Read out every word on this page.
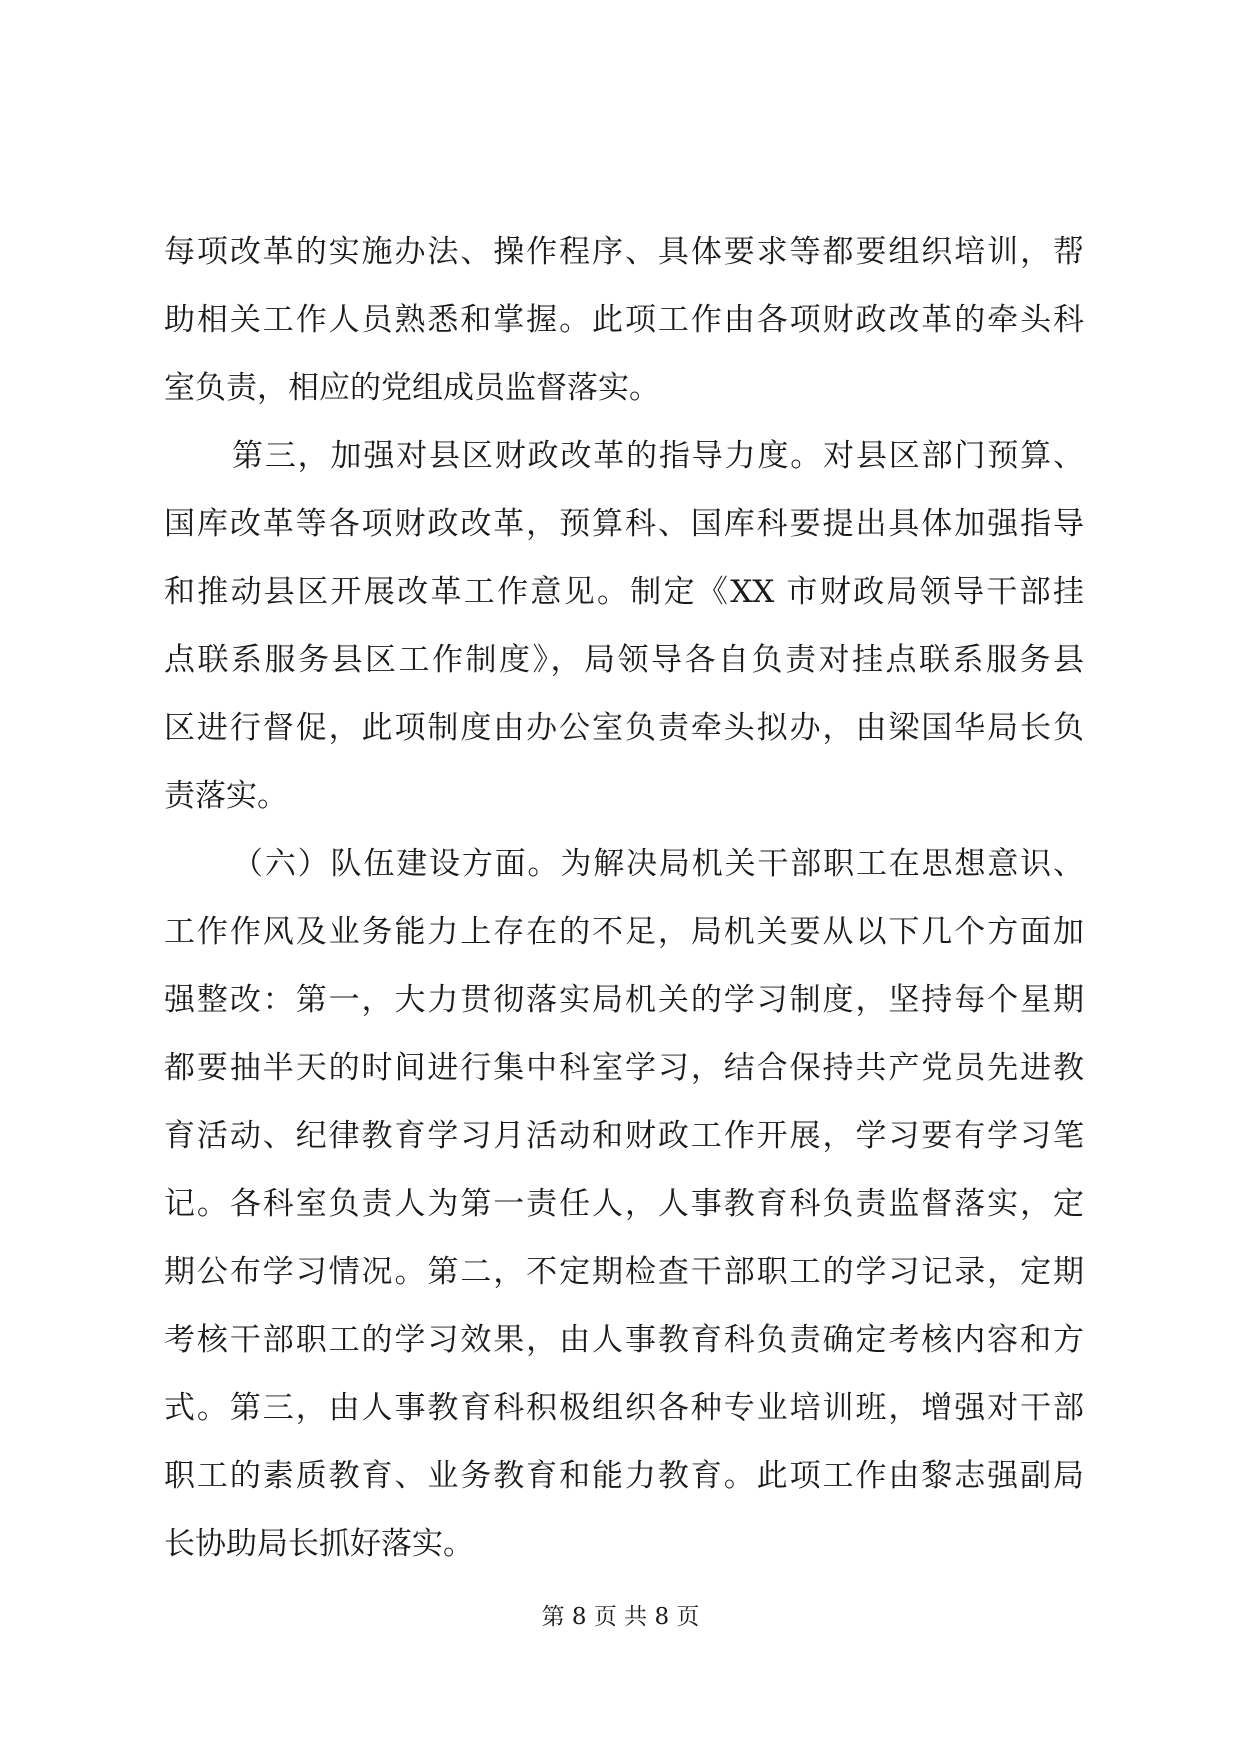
每项改革的实施办法、操作程序、具体要求等都要组织培训，帮
助相关工作人员熟悉和掌握。此项工作由各项财政改革的牵头科
室负责，相应的党组成员监督落实。
第三，加强对县区财政改革的指导力度。对县区部门预算、
国库改革等各项财政改革，预算科、国库科要提出具体加强指导
和推动县区开展改革工作意见。制定《XX 市财政局领导干部挂
点联系服务县区工作制度》，局领导各自负责对挂点联系服务县
区进行督促，此项制度由办公室负责牵头拟办，由梁国华局长负
责落实。
（六）队伍建设方面。为解决局机关干部职工在思想意识、
工作作风及业务能力上存在的不足，局机关要从以下几个方面加
强整改：第一，大力贯彻落实局机关的学习制度，坚持每个星期
都要抽半天的时间进行集中科室学习，结合保持共产党员先进教
育活动、纪律教育学习月活动和财政工作开展，学习要有学习笔
记。各科室负责人为第一责任人，人事教育科负责监督落实，定
期公布学习情况。第二，不定期检查干部职工的学习记录，定期
考核干部职工的学习效果，由人事教育科负责确定考核内容和方
式。第三，由人事教育科积极组织各种专业培训班，增强对干部
职工的素质教育、业务教育和能力教育。此项工作由黎志强副局
长协助局长抓好落实。
第 8 页 共 8 页
